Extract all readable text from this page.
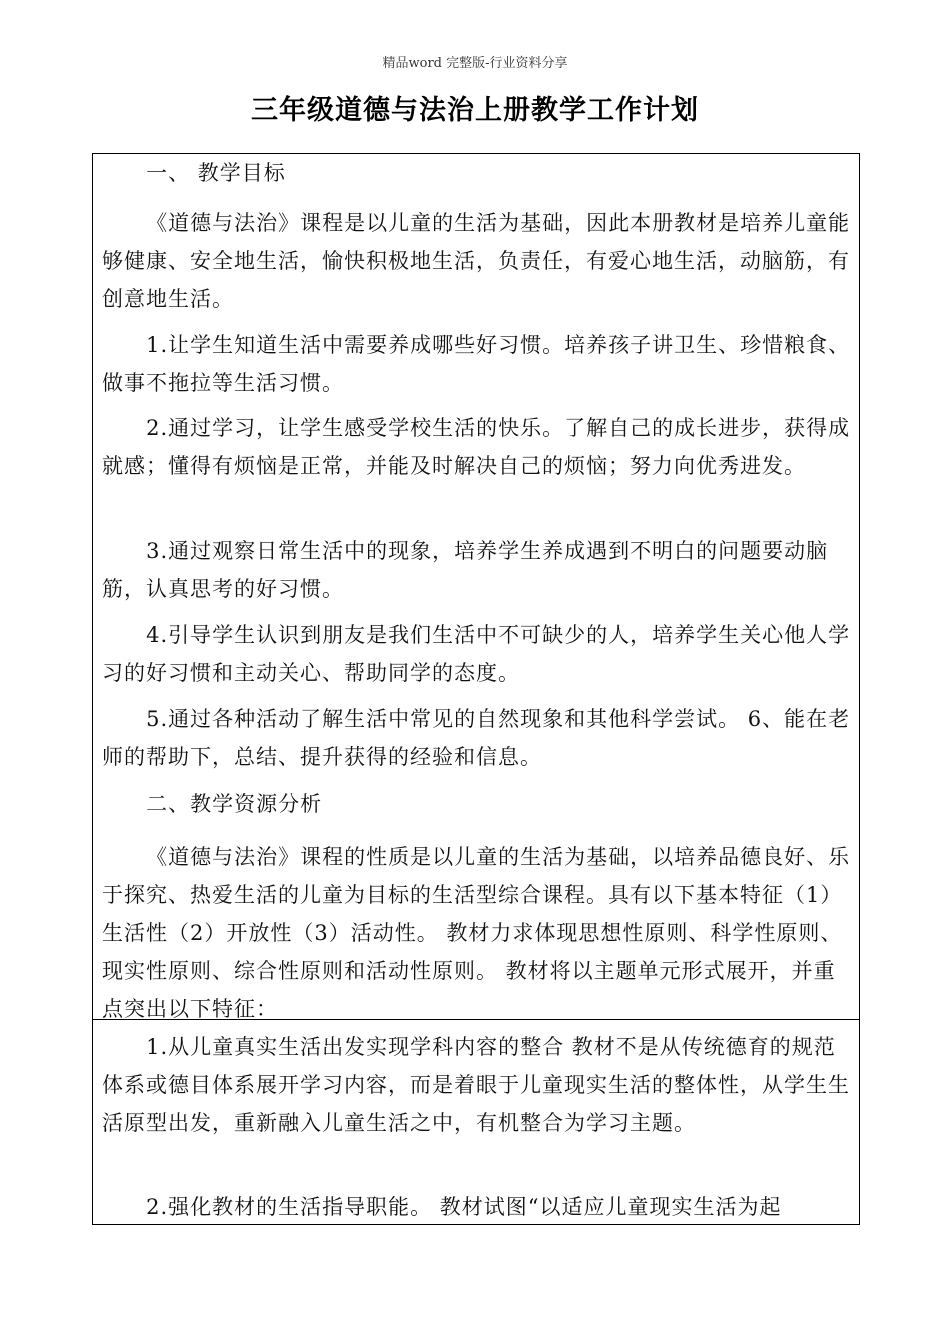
精品word 完整版-行业资料分享
三年级道德与法治上册教学工作计划

一、 教学目标

《道德与法治》课程是以儿童的生活为基础，因此本册教材是培养儿童能够健康、安全地生活，愉快积极地生活，负责任，有爱心地生活，动脑筋，有创意地生活。

1.让学生知道生活中需要养成哪些好习惯。培养孩子讲卫生、珍惜粮食、做事不拖拉等生活习惯。

2.通过学习，让学生感受学校生活的快乐。了解自己的成长进步，获得成就感；懂得有烦恼是正常，并能及时解决自己的烦恼；努力向优秀进发。

3.通过观察日常生活中的现象，培养学生养成遇到不明白的问题要动脑筋，认真思考的好习惯。

4.引导学生认识到朋友是我们生活中不可缺少的人，培养学生关心他人学习的好习惯和主动关心、帮助同学的态度。

5.通过各种活动了解生活中常见的自然现象和其他科学尝试。 6、能在老师的帮助下，总结、提升获得的经验和信息。

二、教学资源分析

《道德与法治》课程的性质是以儿童的生活为基础，以培养品德良好、乐于探究、热爱生活的儿童为目标的生活型综合课程。具有以下基本特征（1）生活性（2）开放性（3）活动性。 教材力求体现思想性原则、科学性原则、现实性原则、综合性原则和活动性原则。 教材将以主题单元形式展开，并重点突出以下特征：

1.从儿童真实生活出发实现学科内容的整合 教材不是从传统德育的规范体系或德目体系展开学习内容，而是着眼于儿童现实生活的整体性，从学生生活原型出发，重新融入儿童生活之中，有机整合为学习主题。

2.强化教材的生活指导职能。 教材试图“以适应儿童现实生活为起
